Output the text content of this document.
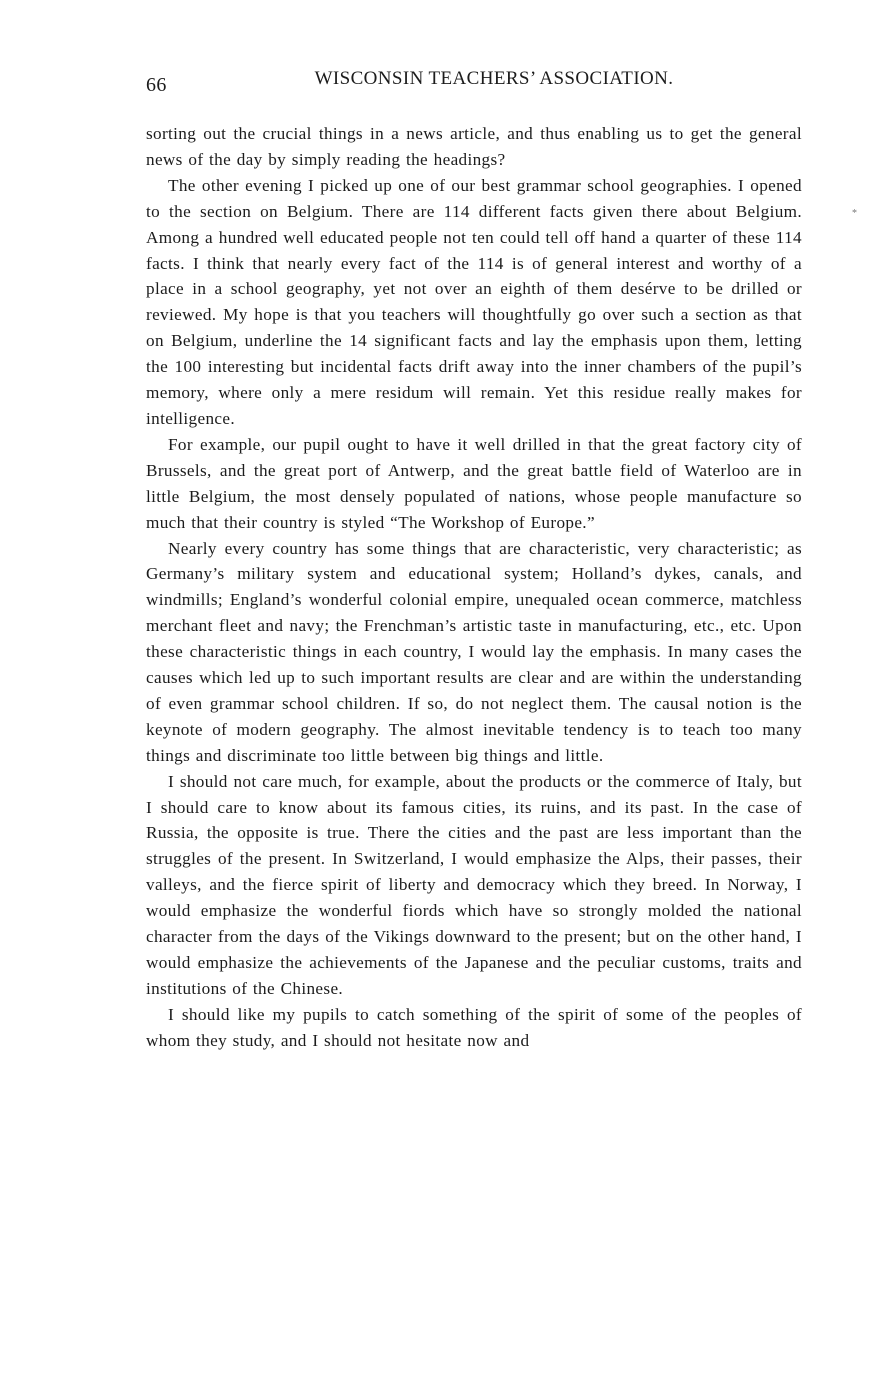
66	WISCONSIN TEACHERS’ ASSOCIATION.

sorting out the crucial things in a news article, and thus enabling us to get the general news of the day by simply reading the headings?

The other evening I picked up one of our best grammar school geographies. I opened to the section on Belgium. There are 114 different facts given there about Belgium. Among a hundred well educated people not ten could tell off hand a quarter of these 114 facts. I think that nearly every fact of the 114 is of general interest and worthy of a place in a school geography, yet not over an eighth of them desérve to be drilled or reviewed. My hope is that you teachers will thoughtfully go over such a section as that on Belgium, underline the 14 significant facts and lay the emphasis upon them, letting the 100 interesting but incidental facts drift away into the inner chambers of the pupil’s memory, where only a mere residum will remain. Yet this residue really makes for intelligence.

For example, our pupil ought to have it well drilled in that the great factory city of Brussels, and the great port of Antwerp, and the great battle field of Waterloo are in little Belgium, the most densely populated of nations, whose people manufacture so much that their country is styled “The Workshop of Europe.”

Nearly every country has some things that are characteristic, very characteristic; as Germany’s military system and educational system; Holland’s dykes, canals, and windmills; England’s wonderful colonial empire, unequaled ocean commerce, matchless merchant fleet and navy; the Frenchman’s artistic taste in manufacturing, etc., etc. Upon these characteristic things in each country, I would lay the emphasis. In many cases the causes which led up to such important results are clear and are within the understanding of even grammar school children. If so, do not neglect them. The causal notion is the keynote of modern geography. The almost inevitable tendency is to teach too many things and discriminate too little between big things and little.

I should not care much, for example, about the products or the commerce of Italy, but I should care to know about its famous cities, its ruins, and its past. In the case of Russia, the opposite is true. There the cities and the past are less important than the struggles of the present. In Switzerland, I would emphasize the Alps, their passes, their valleys, and the fierce spirit of liberty and democracy which they breed. In Norway, I would emphasize the wonderful fiords which have so strongly molded the national character from the days of the Vikings downward to the present; but on the other hand, I would emphasize the achievements of the Japanese and the peculiar customs, traits and institutions of the Chinese.

I should like my pupils to catch something of the spirit of some of the peoples of whom they study, and I should not hesitate now and

*
